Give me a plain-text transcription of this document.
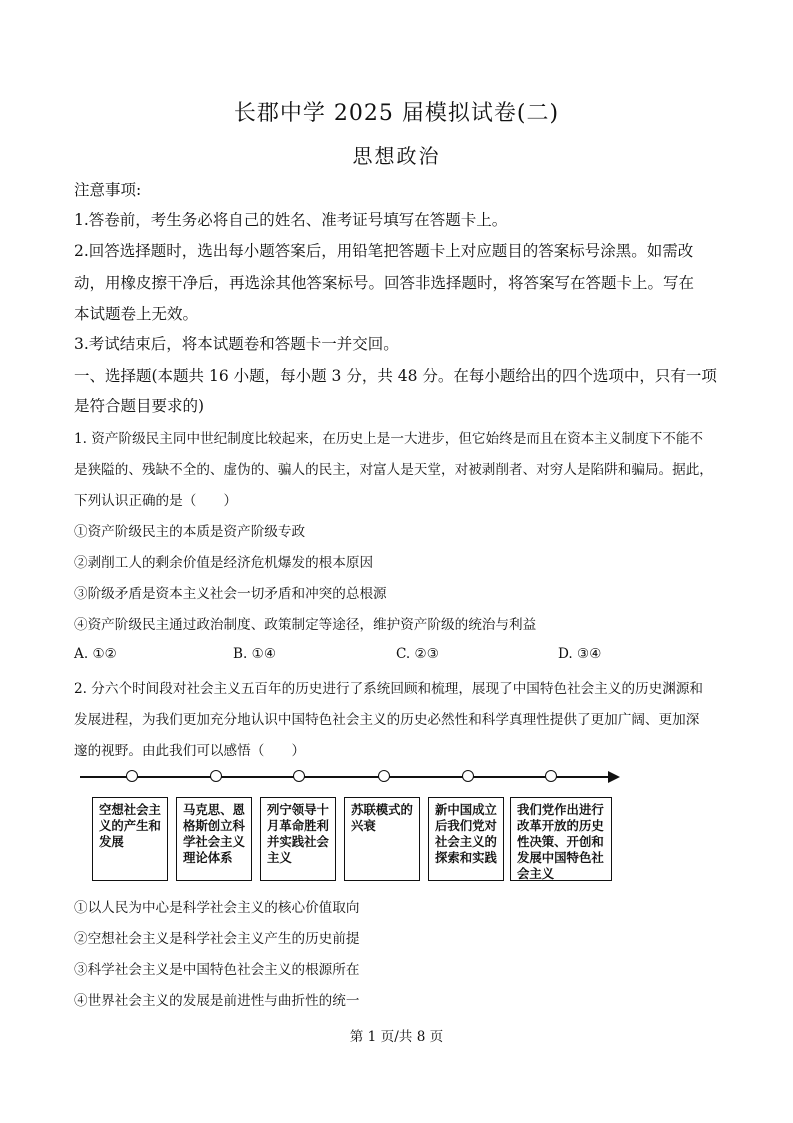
长郡中学 2025 届模拟试卷(二)
思想政治
注意事项:
1.答卷前，考生务必将自己的姓名、准考证号填写在答题卡上。
2.回答选择题时，选出每小题答案后，用铅笔把答题卡上对应题目的答案标号涂黑。如需改
动，用橡皮擦干净后，再选涂其他答案标号。回答非选择题时，将答案写在答题卡上。写在
本试题卷上无效。
3.考试结束后，将本试题卷和答题卡一并交回。
一、选择题(本题共 16 小题，每小题 3 分，共 48 分。在每小题给出的四个选项中，只有一项
是符合题目要求的)
1. 资产阶级民主同中世纪制度比较起来，在历史上是一大进步，但它始终是而且在资本主义制度下不能不
是狭隘的、残缺不全的、虚伪的、骗人的民主，对富人是天堂，对被剥削者、对穷人是陷阱和骗局。据此，
下列认识正确的是（　　）
①资产阶级民主的本质是资产阶级专政
②剥削工人的剩余价值是经济危机爆发的根本原因
③阶级矛盾是资本主义社会一切矛盾和冲突的总根源
④资产阶级民主通过政治制度、政策制定等途径，维护资产阶级的统治与利益
A. ①②	B. ①④	C. ②③	D. ③④
2. 分六个时间段对社会主义五百年的历史进行了系统回顾和梳理，展现了中国特色社会主义的历史渊源和
发展进程，为我们更加充分地认识中国特色社会主义的历史必然性和科学真理性提供了更加广阔、更加深
邃的视野。由此我们可以感悟（　　）
空想社会主义的产生和发展
马克思、恩格斯创立科学社会主义理论体系
列宁领导十月革命胜利并实践社会主义
苏联模式的兴衰
新中国成立后我们党对社会主义的探索和实践
我们党作出进行改革开放的历史性决策、开创和发展中国特色社会主义
①以人民为中心是科学社会主义的核心价值取向
②空想社会主义是科学社会主义产生的历史前提
③科学社会主义是中国特色社会主义的根源所在
④世界社会主义的发展是前进性与曲折性的统一
第 1 页/共 8 页
